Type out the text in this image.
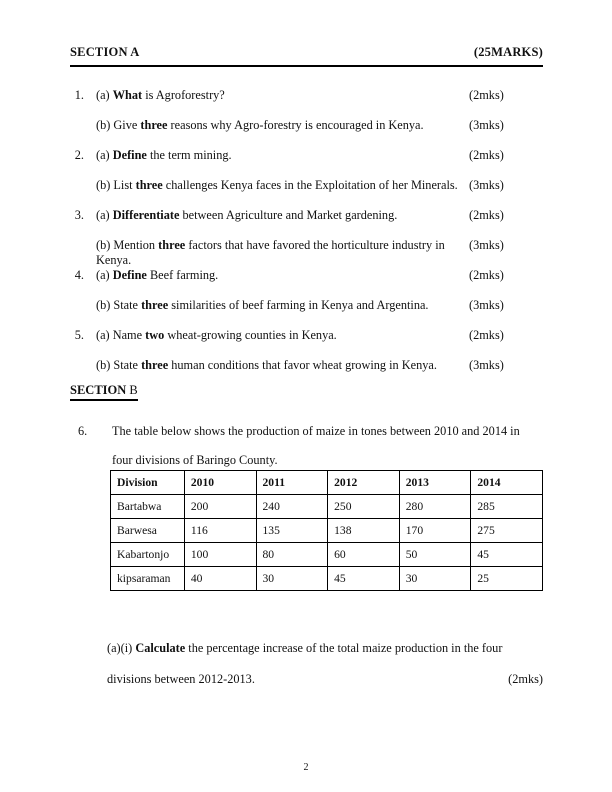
SECTION A	(25MARKS)
1. (a) What is Agroforestry?	(2mks)
(b) Give three reasons why Agro-forestry is encouraged in Kenya.	(3mks)
2. (a) Define the term mining.	(2mks)
(b) List three challenges Kenya faces in the Exploitation of her Minerals. (3mks)
3. (a) Differentiate between Agriculture and Market gardening.	(2mks)
(b) Mention three factors that have favored the horticulture industry in Kenya.
(3mks)
4. (a) Define Beef farming.	(2mks)
(b) State three similarities of beef farming in Kenya and Argentina.	(3mks)
5. (a) Name two wheat-growing counties in Kenya.	(2mks)
(b) State three human conditions that favor wheat growing in Kenya.	(3mks)
SECTION B
6.	The table below shows the production of maize in tones between 2010 and 2014 in four divisions of Baringo County.
Division	2010	2011	2012	2013	2014
Bartabwa	200	240	250	280	285
Barwesa	116	135	138	170	275
Kabartonjo	100	80	60	50	45
kipsaraman	40	30	45	30	25
(a)(i) Calculate the percentage increase of the total maize production in the four
divisions between 2012-2013.	(2mks)
2
